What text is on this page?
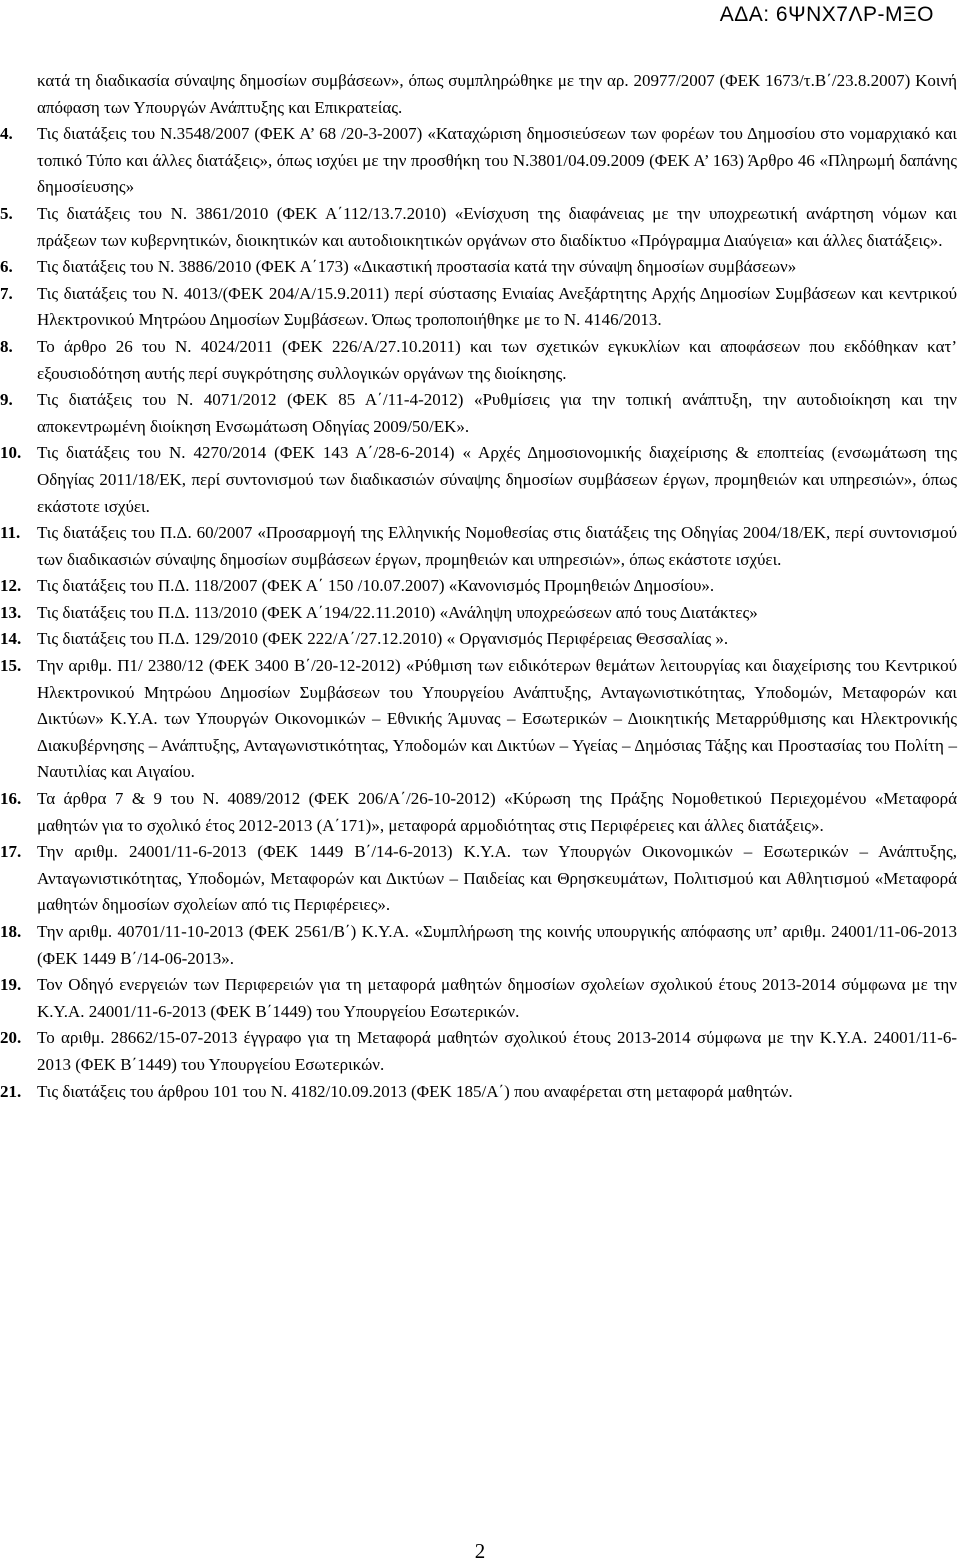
ΑΔΑ: 6ΨΝΧ7ΛΡ-ΜΞΟ

κατά τη διαδικασία σύναψης δημοσίων συμβάσεων», όπως συμπληρώθηκε με την αρ. 20977/2007 (ΦΕΚ 1673/τ.Β΄/23.8.2007) Κοινή απόφαση των Υπουργών Ανάπτυξης και Επικρατείας.

4.	Τις διατάξεις του Ν.3548/2007 (ΦΕΚ Α’ 68 /20-3-2007) «Καταχώριση δημοσιεύσεων των φορέων του Δημοσίου στο νομαρχιακό και τοπικό Τύπο και άλλες διατάξεις», όπως ισχύει με την προσθήκη του Ν.3801/04.09.2009 (ΦΕΚ Α’ 163) Άρθρο 46 «Πληρωμή δαπάνης δημοσίευσης»
5.	Τις διατάξεις του Ν. 3861/2010 (ΦΕΚ Α΄112/13.7.2010) «Ενίσχυση της διαφάνειας με την υποχρεωτική ανάρτηση νόμων και πράξεων των κυβερνητικών, διοικητικών και αυτοδιοικητικών οργάνων στο διαδίκτυο «Πρόγραμμα Διαύγεια» και άλλες διατάξεις».
6.	Τις διατάξεις του Ν. 3886/2010 (ΦΕΚ Α΄173) «Δικαστική προστασία κατά την σύναψη δημοσίων συμβάσεων»
7.	Τις διατάξεις του Ν. 4013/(ΦΕΚ 204/Α/15.9.2011) περί σύστασης Ενιαίας Ανεξάρτητης Αρχής Δημοσίων Συμβάσεων και κεντρικού Ηλεκτρονικού Μητρώου Δημοσίων Συμβάσεων. Όπως τροποποιήθηκε με το Ν. 4146/2013.
8.	Το άρθρο 26 του Ν. 4024/2011 (ΦΕΚ 226/Α/27.10.2011) και των σχετικών εγκυκλίων και αποφάσεων που εκδόθηκαν κατ’ εξουσιοδότηση αυτής περί συγκρότησης συλλογικών οργάνων της διοίκησης.
9.	Τις διατάξεις του Ν. 4071/2012 (ΦΕΚ 85 Α΄/11-4-2012) «Ρυθμίσεις για την τοπική ανάπτυξη, την αυτοδιοίκηση και την αποκεντρωμένη διοίκηση Ενσωμάτωση Οδηγίας 2009/50/ΕΚ».
10. Τις διατάξεις του Ν. 4270/2014 (ΦΕΚ 143 Α΄/28-6-2014) « Αρχές Δημοσιονομικής διαχείρισης & εποπτείας (ενσωμάτωση της Οδηγίας 2011/18/ΕΚ, περί συντονισμού των διαδικασιών σύναψης δημοσίων συμβάσεων έργων, προμηθειών και υπηρεσιών», όπως εκάστοτε ισχύει.
11. Τις διατάξεις του Π.Δ. 60/2007 «Προσαρμογή της Ελληνικής Νομοθεσίας στις διατάξεις της Οδηγίας 2004/18/ΕΚ, περί συντονισμού των διαδικασιών σύναψης δημοσίων συμβάσεων έργων, προμηθειών και υπηρεσιών», όπως εκάστοτε ισχύει.
12. Τις διατάξεις του Π.Δ. 118/2007 (ΦΕΚ Α΄ 150 /10.07.2007) «Κανονισμός Προμηθειών Δημοσίου».
13. Τις διατάξεις του Π.Δ. 113/2010 (ΦΕΚ Α΄194/22.11.2010) «Ανάληψη υποχρεώσεων από τους Διατάκτες»
14. Τις διατάξεις του Π.Δ. 129/2010 (ΦΕΚ 222/Α΄/27.12.2010) « Οργανισμός Περιφέρειας Θεσσαλίας ».
15. Την αριθμ. Π1/ 2380/12 (ΦΕΚ 3400 Β΄/20-12-2012) «Ρύθμιση των ειδικότερων θεμάτων λειτουργίας και διαχείρισης του Κεντρικού Ηλεκτρονικού Μητρώου Δημοσίων Συμβάσεων του Υπουργείου Ανάπτυξης, Ανταγωνιστικότητας, Υποδομών, Μεταφορών και Δικτύων» Κ.Υ.Α. των Υπουργών Οικονομικών – Εθνικής Άμυνας – Εσωτερικών – Διοικητικής Μεταρρύθμισης και Ηλεκτρονικής Διακυβέρνησης – Ανάπτυξης, Ανταγωνιστικότητας, Υποδομών και Δικτύων – Υγείας – Δημόσιας Τάξης και Προστασίας του Πολίτη – Ναυτιλίας και Αιγαίου.
16. Τα άρθρα 7 & 9 του Ν. 4089/2012 (ΦΕΚ 206/Α΄/26-10-2012) «Κύρωση της Πράξης Νομοθετικού Περιεχομένου «Μεταφορά μαθητών για το σχολικό έτος 2012-2013 (Α΄171)», μεταφορά αρμοδιότητας στις Περιφέρειες και άλλες διατάξεις».
17. Την αριθμ. 24001/11-6-2013 (ΦΕΚ 1449 Β΄/14-6-2013) Κ.Υ.Α. των Υπουργών Οικονομικών – Εσωτερικών – Ανάπτυξης, Ανταγωνιστικότητας, Υποδομών, Μεταφορών και Δικτύων – Παιδείας και Θρησκευμάτων, Πολιτισμού και Αθλητισμού «Μεταφορά μαθητών δημοσίων σχολείων από τις Περιφέρειες».
18. Την αριθμ. 40701/11-10-2013 (ΦΕΚ 2561/Β΄) Κ.Υ.Α. «Συμπλήρωση της κοινής υπουργικής απόφασης υπ’ αριθμ. 24001/11-06-2013 (ΦΕΚ 1449 Β΄/14-06-2013».
19. Τον Οδηγό ενεργειών των Περιφερειών για τη μεταφορά μαθητών δημοσίων σχολείων σχολικού έτους 2013-2014 σύμφωνα με την Κ.Υ.Α. 24001/11-6-2013 (ΦΕΚ Β΄1449) του Υπουργείου Εσωτερικών.
20. Το αριθμ. 28662/15-07-2013 έγγραφο για τη Μεταφορά μαθητών σχολικού έτους 2013-2014 σύμφωνα με την Κ.Υ.Α. 24001/11-6-2013 (ΦΕΚ Β΄1449) του Υπουργείου Εσωτερικών.
21. Τις διατάξεις του άρθρου 101 του Ν. 4182/10.09.2013 (ΦΕΚ 185/Α΄) που αναφέρεται στη μεταφορά μαθητών.
2
